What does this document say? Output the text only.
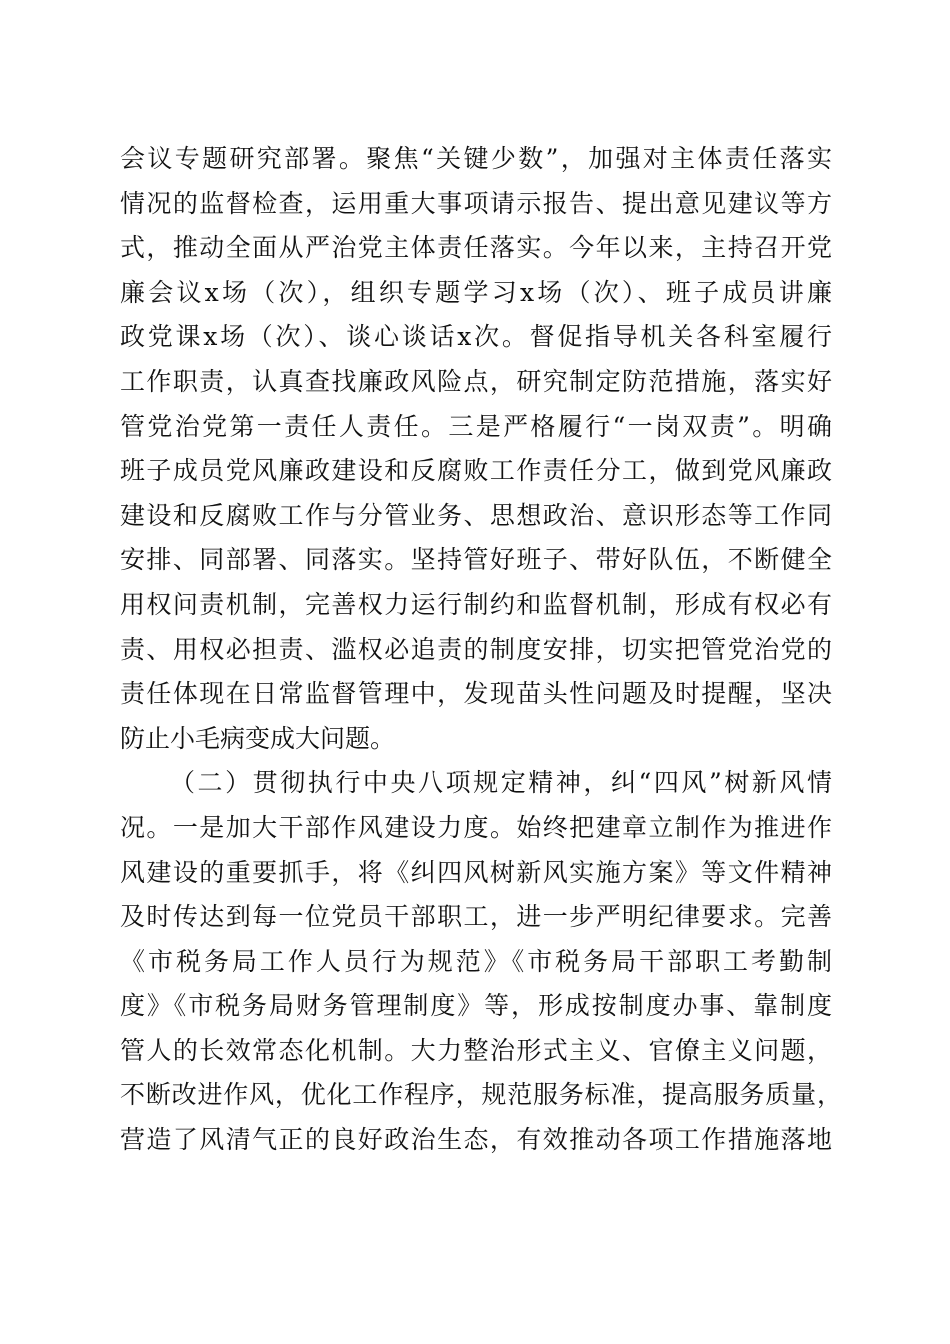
会议专题研究部署。聚焦“关键少数”，加强对主体责任落实
情况的监督检查，运用重大事项请示报告、提出意见建议等方
式，推动全面从严治党主体责任落实。今年以来，主持召开党
廉会议x场（次），组织专题学习x场（次）、班子成员讲廉
政党课x场（次）、谈心谈话x次。督促指导机关各科室履行
工作职责，认真查找廉政风险点，研究制定防范措施，落实好
管党治党第一责任人责任。三是严格履行“一岗双责”。明确
班子成员党风廉政建设和反腐败工作责任分工，做到党风廉政
建设和反腐败工作与分管业务、思想政治、意识形态等工作同
安排、同部署、同落实。坚持管好班子、带好队伍，不断健全
用权问责机制，完善权力运行制约和监督机制，形成有权必有
责、用权必担责、滥权必追责的制度安排，切实把管党治党的
责任体现在日常监督管理中，发现苗头性问题及时提醒，坚决
防止小毛病变成大问题。
（二）贯彻执行中央八项规定精神，纠“四风”树新风情
况。一是加大干部作风建设力度。始终把建章立制作为推进作
风建设的重要抓手，将《纠四风树新风实施方案》等文件精神
及时传达到每一位党员干部职工，进一步严明纪律要求。完善
《市税务局工作人员行为规范》《市税务局干部职工考勤制
度》《市税务局财务管理制度》等，形成按制度办事、靠制度
管人的长效常态化机制。大力整治形式主义、官僚主义问题，
不断改进作风，优化工作程序，规范服务标准，提高服务质量，
营造了风清气正的良好政治生态，有效推动各项工作措施落地
